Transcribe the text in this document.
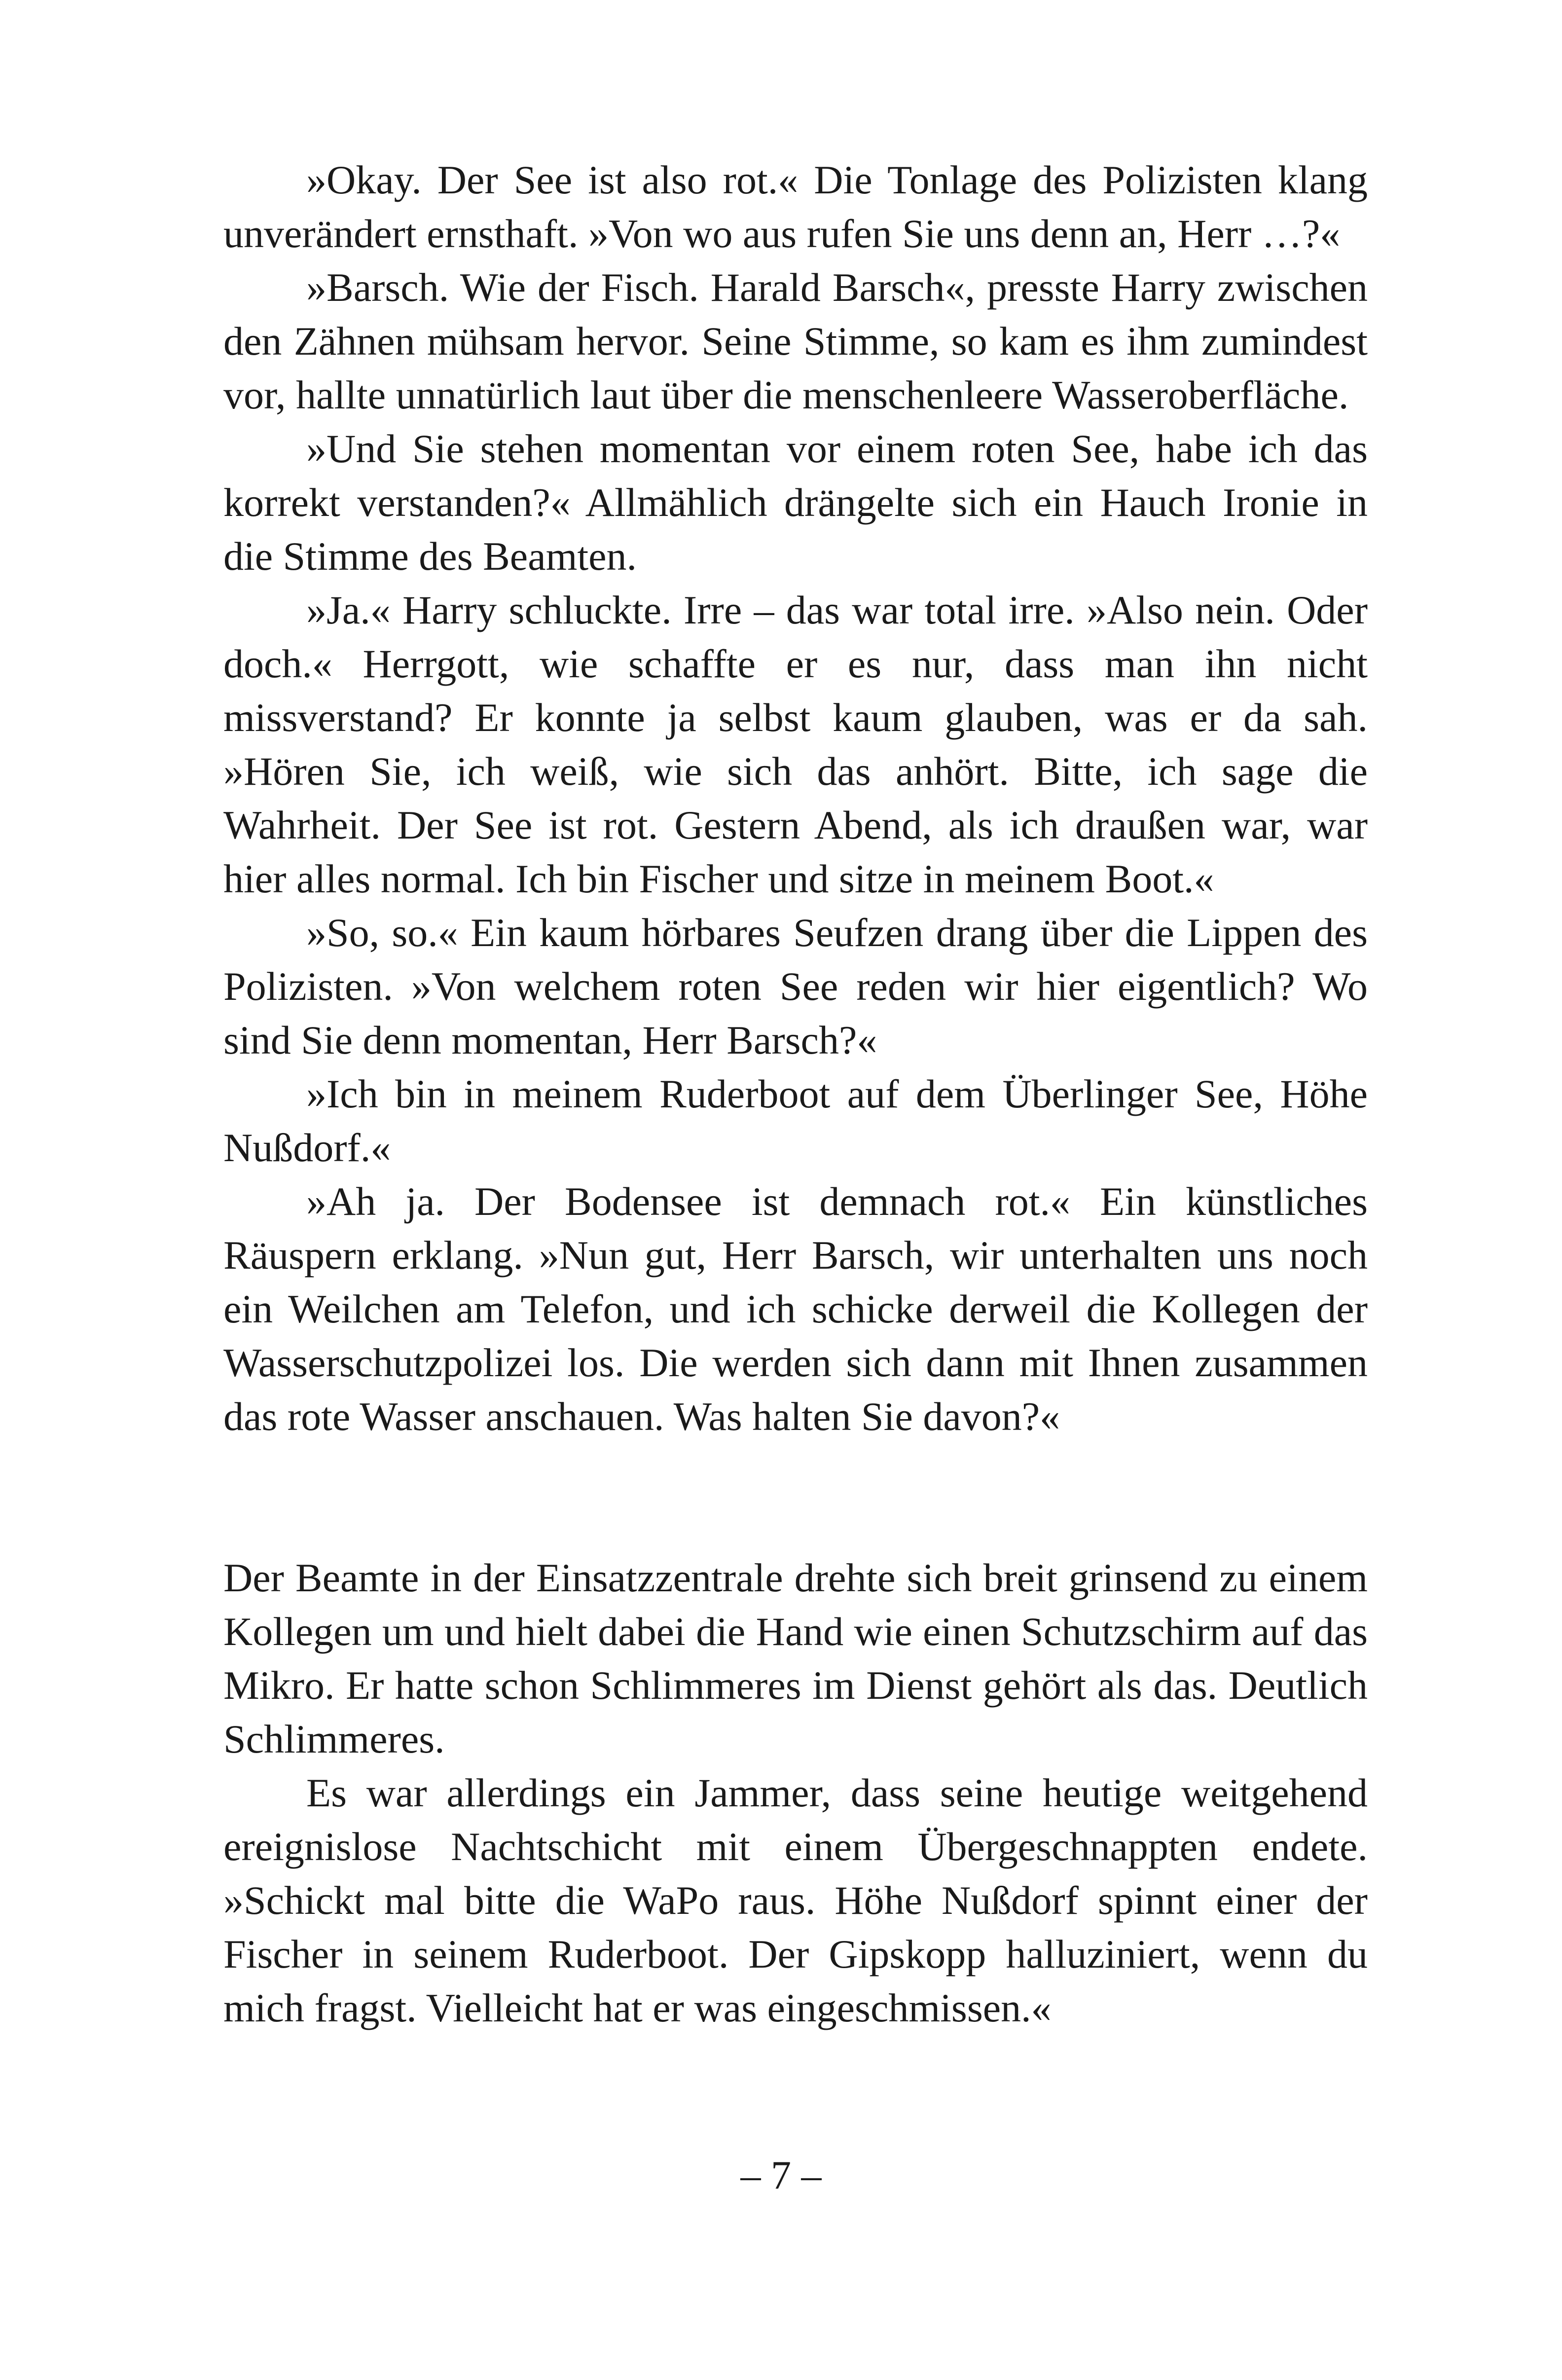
»Okay. Der See ist also rot.« Die Tonlage des Polizisten klang unverändert ernsthaft. »Von wo aus rufen Sie uns denn an, Herr …?«

»Barsch. Wie der Fisch. Harald Barsch«, presste Harry zwischen den Zähnen mühsam hervor. Seine Stimme, so kam es ihm zumindest vor, hallte unnatürlich laut über die menschenleere Wasseroberfläche.

»Und Sie stehen momentan vor einem roten See, habe ich das korrekt verstanden?« Allmählich drängelte sich ein Hauch Ironie in die Stimme des Beamten.

»Ja.« Harry schluckte. Irre – das war total irre. »Also nein. Oder doch.« Herrgott, wie schaffte er es nur, dass man ihn nicht missverstand? Er konnte ja selbst kaum glauben, was er da sah. »Hören Sie, ich weiß, wie sich das anhört. Bitte, ich sage die Wahrheit. Der See ist rot. Gestern Abend, als ich draußen war, war hier alles normal. Ich bin Fischer und sitze in meinem Boot.«

»So, so.« Ein kaum hörbares Seufzen drang über die Lippen des Polizisten. »Von welchem roten See reden wir hier eigentlich? Wo sind Sie denn momentan, Herr Barsch?«

»Ich bin in meinem Ruderboot auf dem Überlinger See, Höhe Nußdorf.«

»Ah ja. Der Bodensee ist demnach rot.« Ein künstliches Räuspern erklang. »Nun gut, Herr Barsch, wir unterhalten uns noch ein Weilchen am Telefon, und ich schicke derweil die Kollegen der Wasserschutzpolizei los. Die werden sich dann mit Ihnen zusammen das rote Wasser anschauen. Was halten Sie davon?«

Der Beamte in der Einsatzzentrale drehte sich breit grinsend zu einem Kollegen um und hielt dabei die Hand wie einen Schutzschirm auf das Mikro. Er hatte schon Schlimmeres im Dienst gehört als das. Deutlich Schlimmeres.

Es war allerdings ein Jammer, dass seine heutige weitgehend ereignislose Nachtschicht mit einem Übergeschnappten endete. »Schickt mal bitte die WaPo raus. Höhe Nußdorf spinnt einer der Fischer in seinem Ruderboot. Der Gipskopp halluziniert, wenn du mich fragst. Vielleicht hat er was eingeschmissen.«

– 7 –
